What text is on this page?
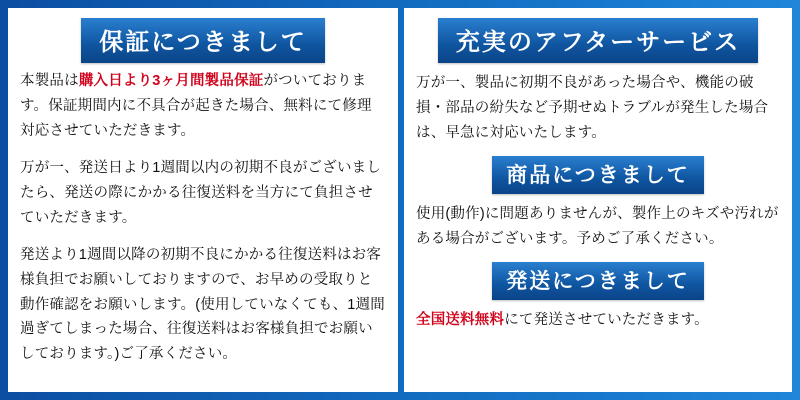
保証につきまして

本製品は購入日より3ヶ月間製品保証がついております。保証期間内に不具合が起きた場合、無料にて修理対応させていただきます。

万が一、発送日より1週間以内の初期不良がございましたら、発送の際にかかる往復送料を当方にて負担させていただきます。

発送より1週間以降の初期不良にかかる往復送料はお客様負担でお願いしておりますので、お早めの受取りと動作確認をお願いします。(使用していなくても、1週間過ぎてしまった場合、往復送料はお客様負担でお願いしております。)ご了承ください。

充実のアフターサービス

万が一、製品に初期不良があった場合や、機能の破損・部品の紛失など予期せぬトラブルが発生した場合は、早急に対応いたします。

商品につきまして

使用(動作)に問題ありませんが、製作上のキズや汚れがある場合がございます。予めご了承ください。

発送につきまして

全国送料無料にて発送させていただきます。
